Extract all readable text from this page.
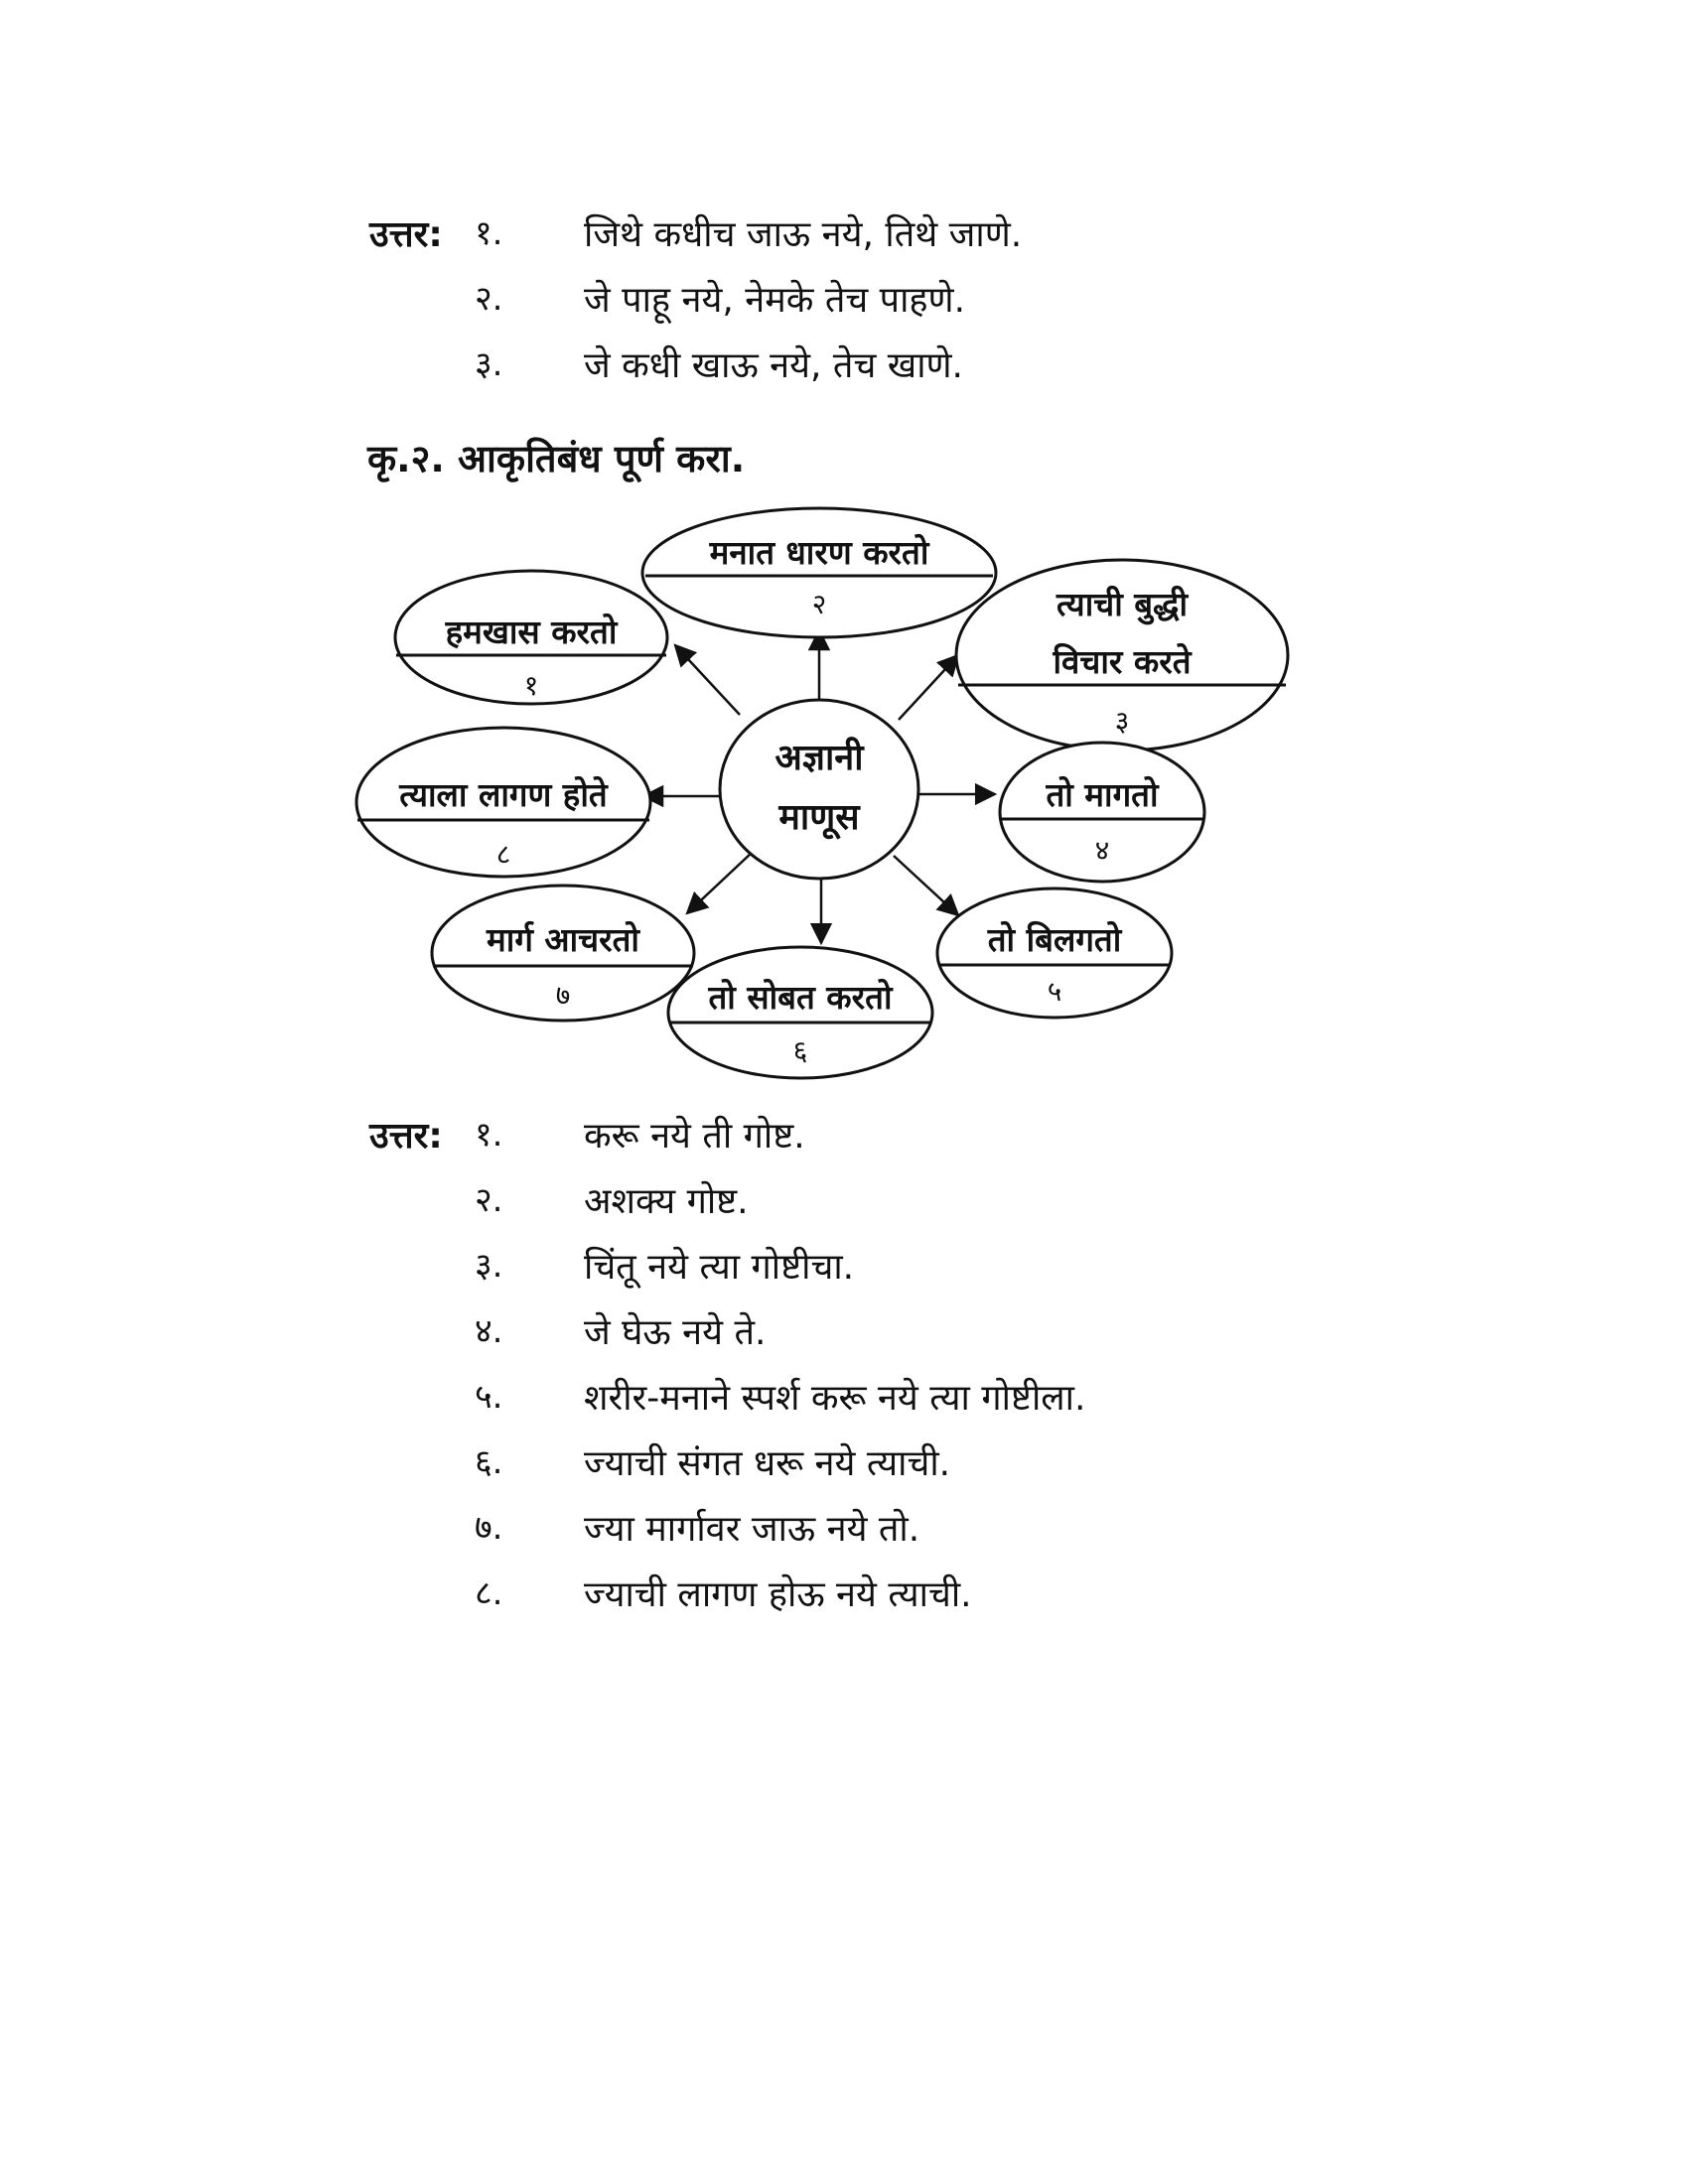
उत्तर: १. जिथे कधीच जाऊ नये, तिथे जाणे.
२. जे पाहू नये, नेमके तेच पाहणे.
३. जे कधी खाऊ नये, तेच खाणे.
कृ.२. आकृतिबंध पूर्ण करा.
अज्ञानी
माणूस
हमखास करतो
१
मनात धारण करतो
२	त्याची बुद्धी
विचार करते
३
तो मागतो
४
तो बिलगतो
५
त्याला लागण होते
८
मार्ग आचरतो
७	तो सोबत करतो
६
उत्तर: १. करू नये ती गोष्ट.
२. अशक्य गोष्ट.
३. चिंतू नये त्या गोष्टीचा.
४. जे घेऊ नये ते.
५. शरीर-मनाने स्पर्श करू नये त्या गोष्टीला.
६. ज्याची संगत धरू नये त्याची.
७. ज्या मार्गावर जाऊ नये तो.
८. ज्याची लागण होऊ नये त्याची.
